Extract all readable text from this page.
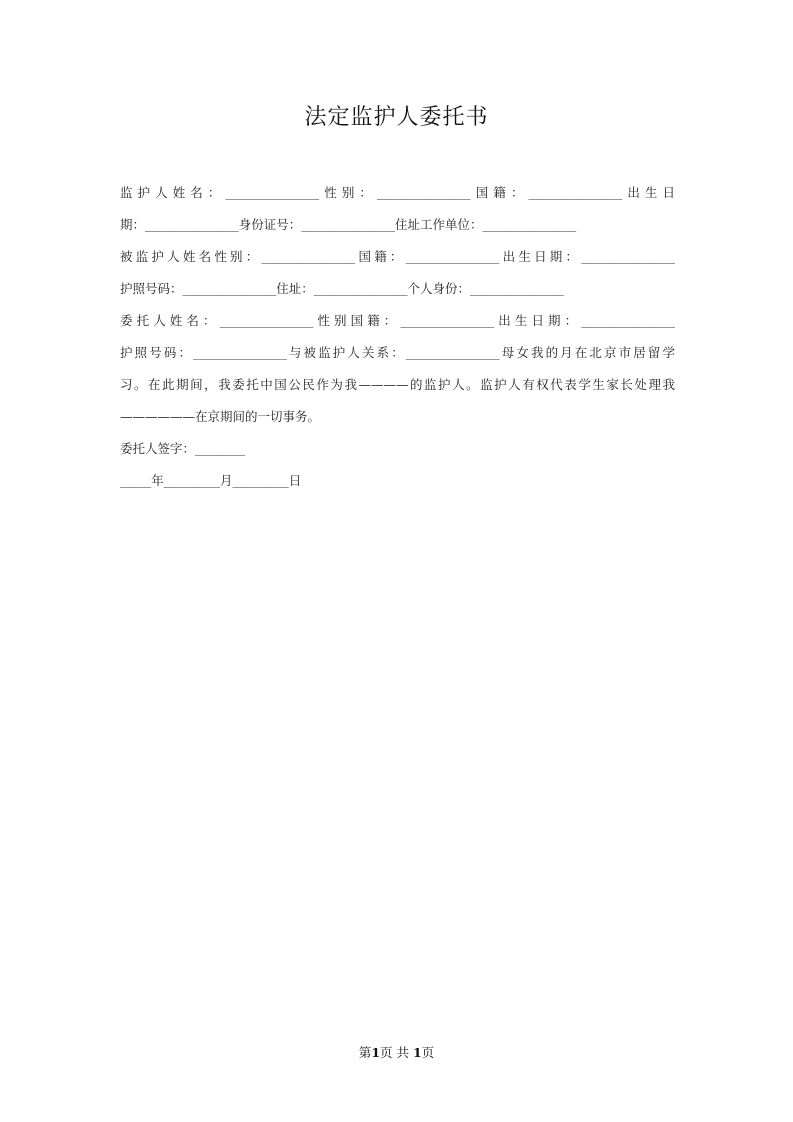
法定监护人委托书
监护人姓名：_______________性别：_______________国籍：_______________出生日
期：_______________身份证号：_______________住址工作单位：_______________
被监护人姓名性别：_______________国籍：_______________出生日期：_______________
护照号码：_______________住址：_______________个人身份：_______________
委托人姓名：_______________性别国籍：_______________出生日期：_______________
护照号码：_______________与被监护人关系：_______________母女我的月在北京市居留学
习。在此期间，我委托中国公民作为我————的监护人。监护人有权代表学生家长处理我
——————在京期间的一切事务。
委托人签字：________
_____年_________月_________日
第1页 共 1页
